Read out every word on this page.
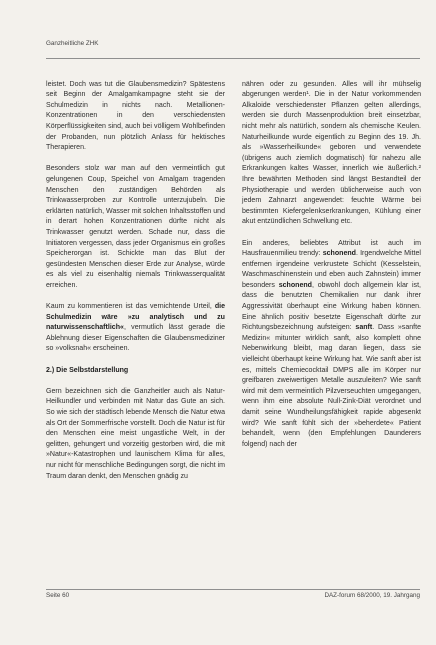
Ganzheitliche ZHK

leistet. Doch was tut die Glaubensmedizin? Spätestens seit Beginn der Amalgamkampagne steht sie der Schulmedizin in nichts nach. Metallionen-Konzentrationen in den verschiedensten Körperflüssigkeiten sind, auch bei völligem Wohlbefinden der Probanden, nun plötzlich Anlass für hektisches Therapieren.

Besonders stolz war man auf den vermeintlich gut gelungenen Coup, Speichel von Amalgam tragenden Menschen den zuständigen Behörden als Trinkwasserproben zur Kontrolle unterzujubeln. Die erklärten natürlich, Wasser mit solchen Inhaltsstoffen und in derart hohen Konzentrationen dürfte nicht als Trinkwasser genutzt werden. Schade nur, dass die Initiatoren vergessen, dass jeder Organismus ein großes Speicherorgan ist. Schickte man das Blut der gesündesten Menschen dieser Erde zur Analyse, würde es als viel zu eisenhaltig niemals Trinkwasserqualität erreichen.

Kaum zu kommentieren ist das vernichtende Urteil, die Schulmedizin wäre »zu analytisch und zu naturwissenschaftlich«, vermutlich lässt gerade die Ablehnung dieser Eigenschaften die Glaubensmediziner so »volksnah« erscheinen.

2.) Die Selbstdarstellung

Gern bezeichnen sich die Ganzheitler auch als Natur-Heilkundler und verbinden mit Natur das Gute an sich. So wie sich der städtisch lebende Mensch die Natur etwa als Ort der Sommerfrische vorstellt. Doch die Natur ist für den Menschen eine meist ungastliche Welt, in der gelitten, gehungert und vorzeitig gestorben wird, die mit »Natur«-Katastrophen und launischem Klima für alles, nur nicht für menschliche Bedingungen sorgt, die nicht im Traum daran denkt, den Menschen gnädig zu

nähren oder zu gesunden. Alles will ihr mühselig abgerungen werden¹. Die in der Natur vorkommenden Alkaloide verschiedenster Pflanzen gelten allerdings, werden sie durch Massenproduktion breit einsetzbar, nicht mehr als natürlich, sondern als chemische Keulen. Naturheilkunde wurde eigentlich zu Beginn des 19. Jh. als »Wasserheilkunde« geboren und verwendete (übrigens auch ziemlich dogmatisch) für nahezu alle Erkrankungen kaltes Wasser, innerlich wie äußerlich.² Ihre bewährten Methoden sind längst Bestandteil der Physiotherapie und werden üblicherweise auch von jedem Zahnarzt angewendet: feuchte Wärme bei bestimmten Kiefergelenkserkrankungen, Kühlung einer akut entzündlichen Schwellung etc.

Ein anderes, beliebtes Attribut ist auch im Hausfrauenmilieu trendy: schonend. Irgendwelche Mittel entfernen irgendeine verkrustete Schicht (Kesselstein, Waschmaschinenstein und eben auch Zahnstein) immer besonders schonend, obwohl doch allgemein klar ist, dass die benutzten Chemikalien nur dank ihrer Aggressivität überhaupt eine Wirkung haben können. Eine ähnlich positiv besetzte Eigenschaft dürfte zur Richtungsbezeichnung aufsteigen: sanft. Dass »sanfte Medizin« mitunter wirklich sanft, also komplett ohne Nebenwirkung bleibt, mag daran liegen, dass sie vielleicht überhaupt keine Wirkung hat. Wie sanft aber ist es, mittels Chemiecocktail DMPS alle im Körper nur greifbaren zweiwertigen Metalle auszuleiten? Wie sanft wird mit dem vermeintlich Pilzverseuchten umgegangen, wenn ihm eine absolute Null-Zink-Diät verordnet und damit seine Wundheilungsfähigkeit rapide abgesenkt wird? Wie sanft fühlt sich der »beherdete« Patient behandelt, wenn (den Empfehlungen Daunderers folgend) nach der

Seite 60	DAZ-forum 68/2000, 19. Jahrgang
